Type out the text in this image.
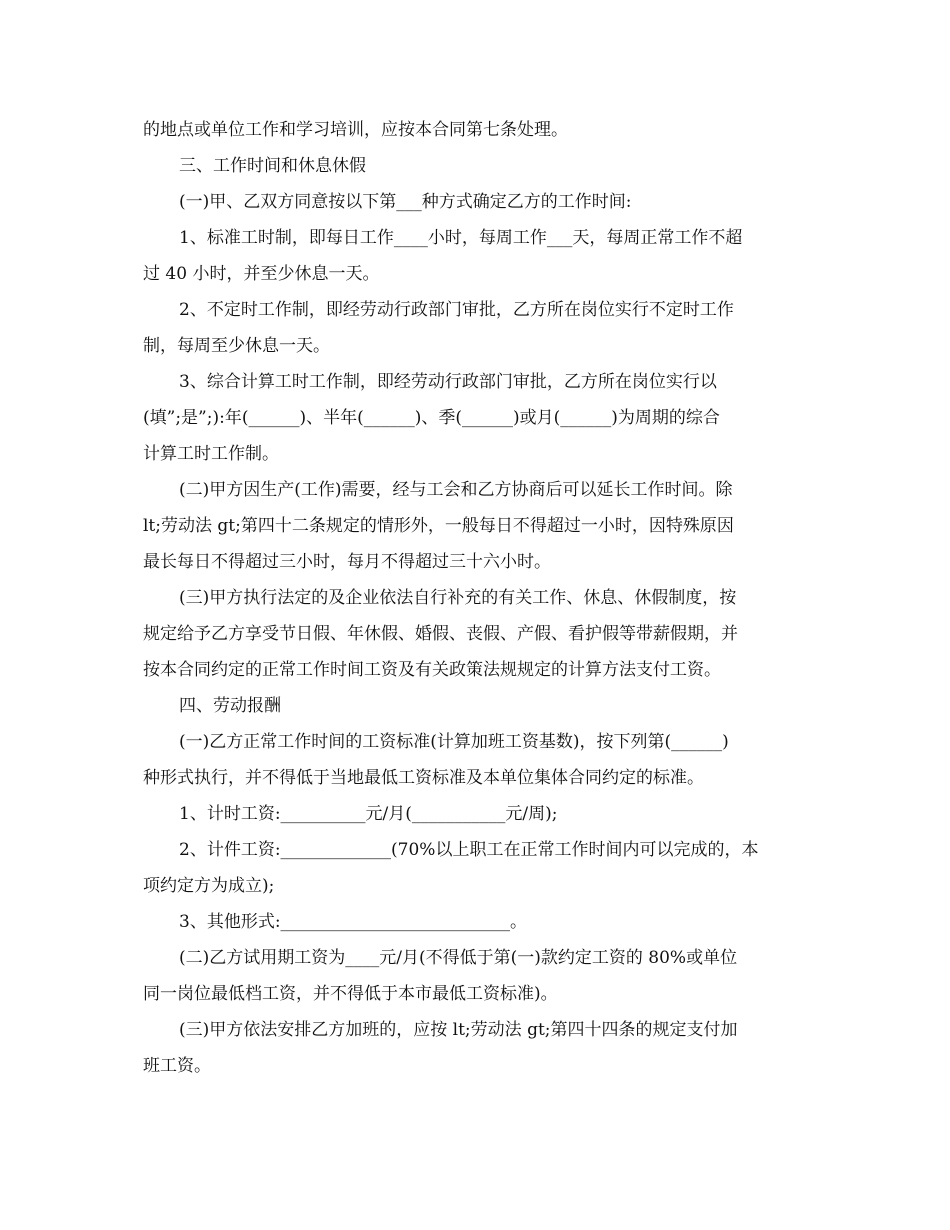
的地点或单位工作和学习培训，应按本合同第七条处理。
三、工作时间和休息休假
(一)甲、乙双方同意按以下第___种方式确定乙方的工作时间:
1、标准工时制，即每日工作____小时，每周工作___天，每周正常工作不超
过 40 小时，并至少休息一天。
2、不定时工作制，即经劳动行政部门审批，乙方所在岗位实行不定时工作
制，每周至少休息一天。
3、综合计算工时工作制，即经劳动行政部门审批，乙方所在岗位实行以
(填”;是”;):年(______)、半年(______)、季(______)或月(______)为周期的综合
计算工时工作制。
(二)甲方因生产(工作)需要，经与工会和乙方协商后可以延长工作时间。除
lt;劳动法 gt;第四十二条规定的情形外，一般每日不得超过一小时，因特殊原因
最长每日不得超过三小时，每月不得超过三十六小时。
(三)甲方执行法定的及企业依法自行补充的有关工作、休息、休假制度，按
规定给予乙方享受节日假、年休假、婚假、丧假、产假、看护假等带薪假期，并
按本合同约定的正常工作时间工资及有关政策法规规定的计算方法支付工资。
四、劳动报酬
(一)乙方正常工作时间的工资标准(计算加班工资基数)，按下列第(______)
种形式执行，并不得低于当地最低工资标准及本单位集体合同约定的标准。
1、计时工资:__________元/月(___________元/周);
2、计件工资:_____________(70%以上职工在正常工作时间内可以完成的，本
项约定方为成立);
3、其他形式:___________________________。
(二)乙方试用期工资为____元/月(不得低于第(一)款约定工资的 80%或单位
同一岗位最低档工资，并不得低于本市最低工资标准)。
(三)甲方依法安排乙方加班的，应按 lt;劳动法 gt;第四十四条的规定支付加
班工资。
